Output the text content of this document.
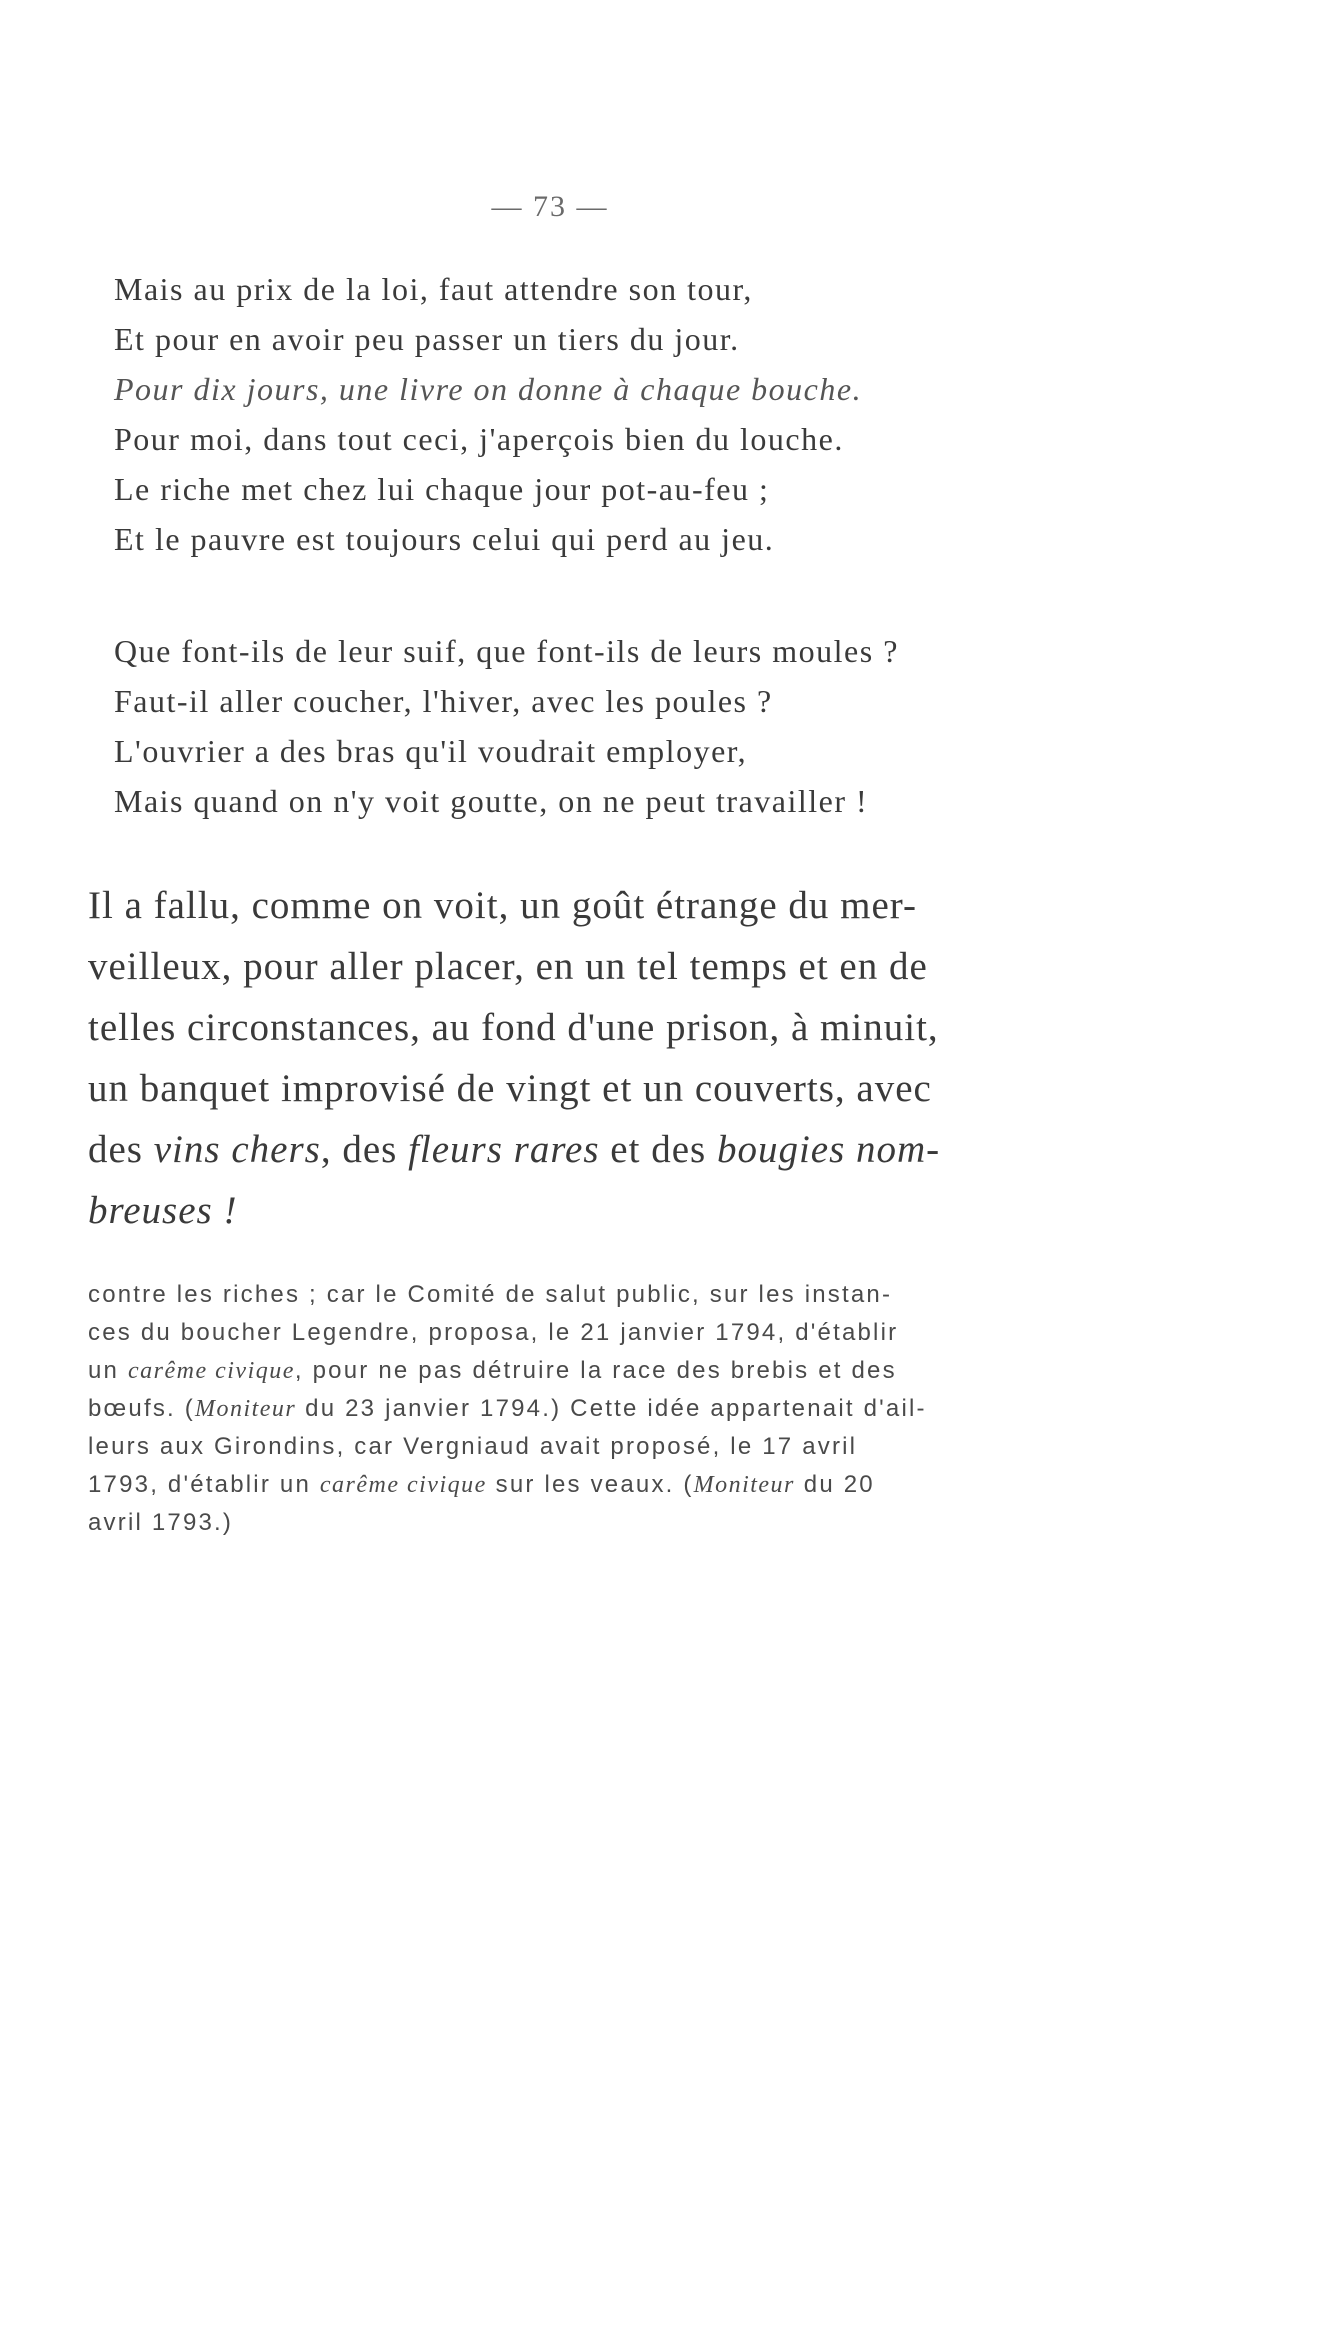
— 73 —
Mais au prix de la loi, faut attendre son tour,
Et pour en avoir peu passer un tiers du jour.
Pour dix jours, une livre on donne à chaque bouche.
Pour moi, dans tout ceci, j'aperçois bien du louche.
Le riche met chez lui chaque jour pot-au-feu ;
Et le pauvre est toujours celui qui perd au jeu.
Que font-ils de leur suif, que font-ils de leurs moules ?
Faut-il aller coucher, l'hiver, avec les poules ?
L'ouvrier a des bras qu'il voudrait employer,
Mais quand on n'y voit goutte, on ne peut travailler !
Il a fallu, comme on voit, un goût étrange du mer-
veilleux, pour aller placer, en un tel temps et en de
telles circonstances, au fond d'une prison, à minuit,
un banquet improvisé de vingt et un couverts, avec
des vins chers, des fleurs rares et des bougies nom-
breuses !
contre les riches ; car le Comité de salut public, sur les instan-
ces du boucher Legendre, proposa, le 21 janvier 1794, d'établir
un carême civique, pour ne pas détruire la race des brebis et des
bœufs. (Moniteur du 23 janvier 1794.) Cette idée appartenait d'ail-
leurs aux Girondins, car Vergniaud avait proposé, le 17 avril
1793, d'établir un carême civique sur les veaux. (Moniteur du 20
avril 1793.)
